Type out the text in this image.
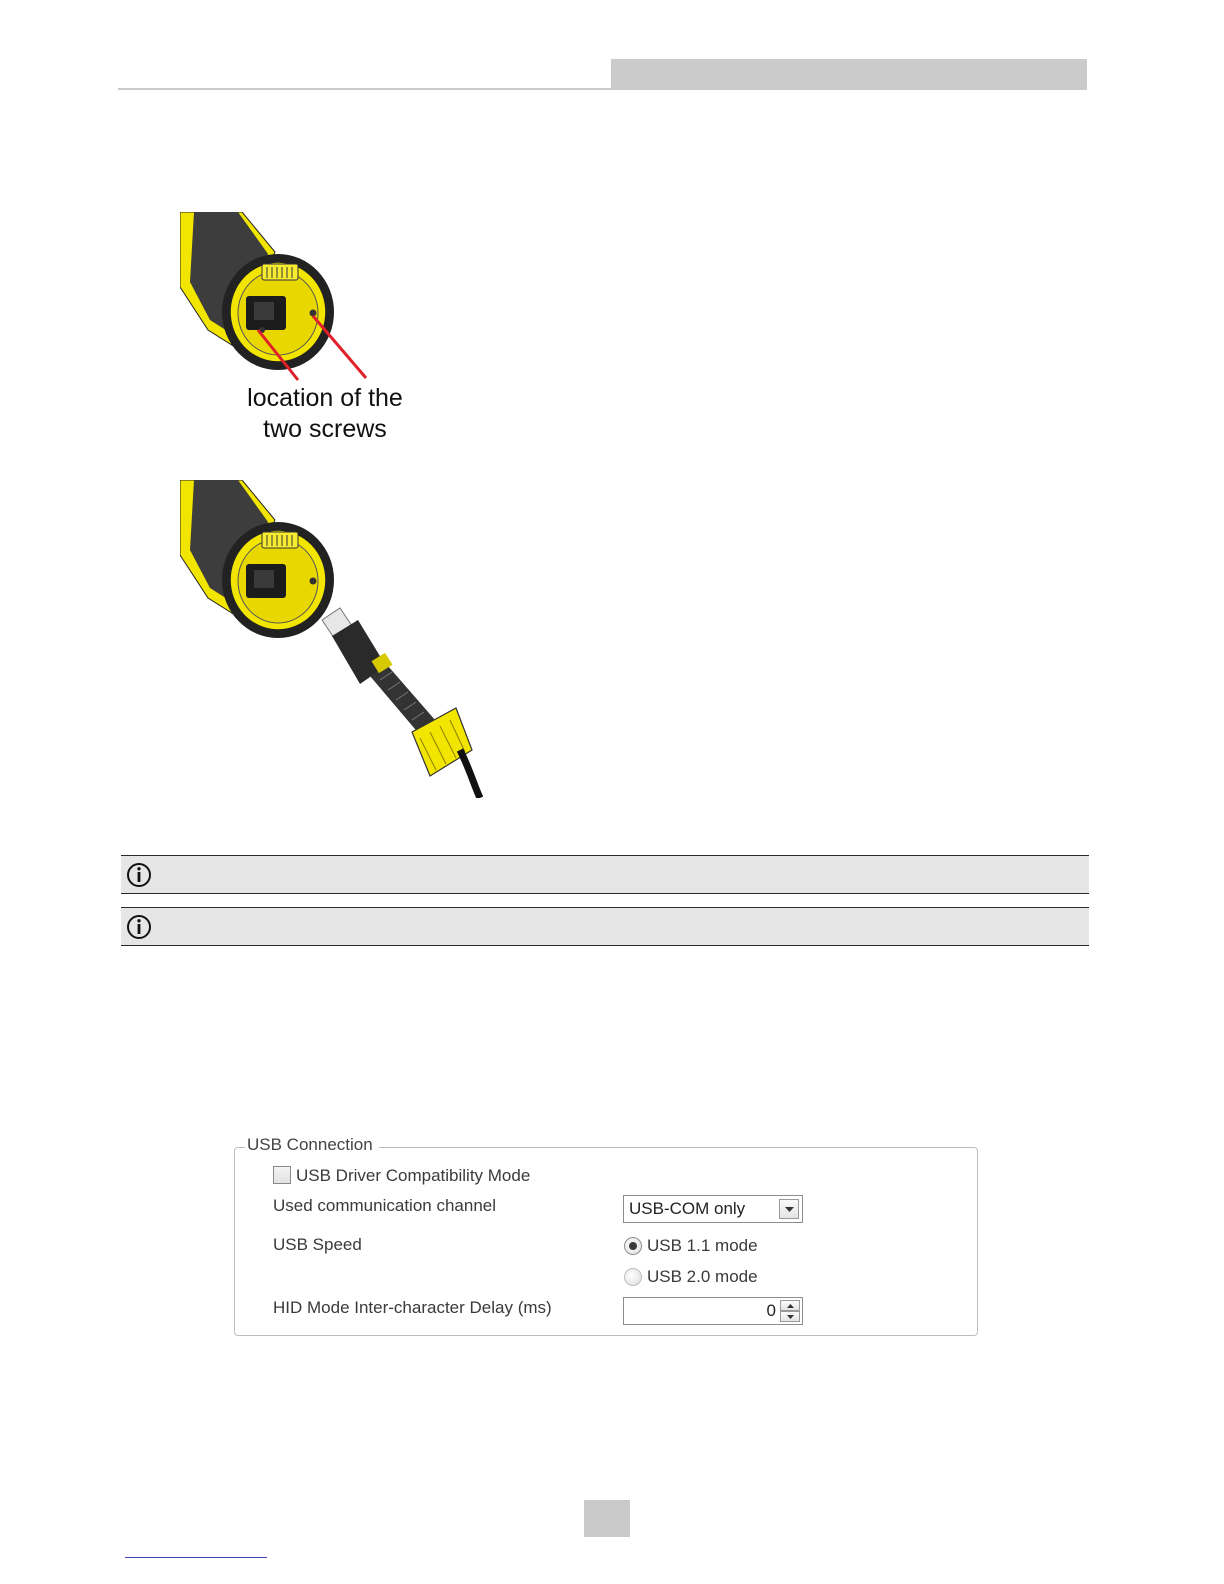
location of the
two screws
USB Connection
USB Driver Compatibility Mode
Used communication channel	USB-COM only
USB Speed	USB 1.1 mode
USB 2.0 mode
HID Mode Inter-character Delay (ms)	0
